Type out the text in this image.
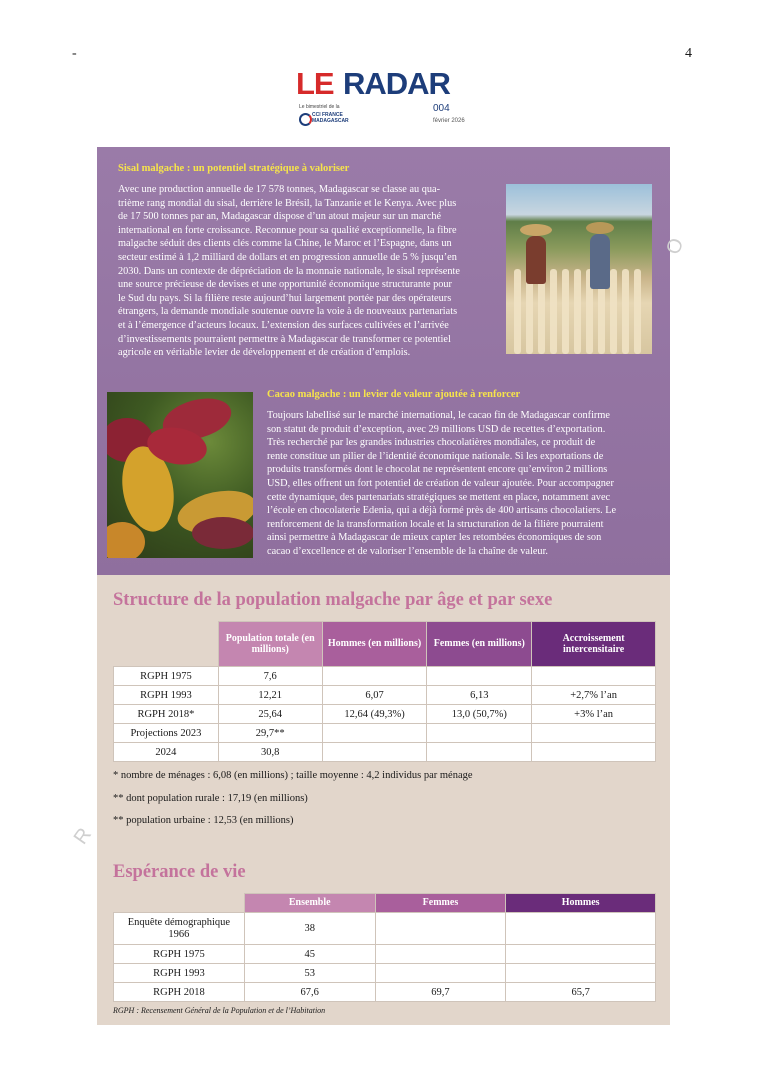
-	4
LE RADAR
Le bimestriel de la
CCI FRANCE MADAGASCAR
004
février 2026
O
R
Sisal malgache : un potentiel stratégique à valoriser
Avec une production annuelle de 17 578 tonnes, Madagascar se classe au qua-
trième rang mondial du sisal, derrière le Brésil, la Tanzanie et le Kenya. Avec plus
de 17 500 tonnes par an, Madagascar dispose d’un atout majeur sur un marché
international en forte croissance. Reconnue pour sa qualité exceptionnelle, la fibre
malgache séduit des clients clés comme la Chine, le Maroc et l’Espagne, dans un
secteur estimé à 1,2 milliard de dollars et en progression annuelle de 5 % jusqu’en
2030. Dans un contexte de dépréciation de la monnaie nationale, le sisal représente
une source précieuse de devises et une opportunité économique structurante pour
le Sud du pays. Si la filière reste aujourd’hui largement portée par des opérateurs
étrangers, la demande mondiale soutenue ouvre la voie à de nouveaux partenariats
et à l’émergence d’acteurs locaux. L’extension des surfaces cultivées et l’arrivée
d’investissements pourraient permettre à Madagascar de transformer ce potentiel
agricole en véritable levier de développement et de création d’emplois.
Cacao malgache : un levier de valeur ajoutée à renforcer
Toujours labellisé sur le marché international, le cacao fin de Madagascar confirme
son statut de produit d’exception, avec 29 millions USD de recettes d’exportation.
Très recherché par les grandes industries chocolatières mondiales, ce produit de
rente constitue un pilier de l’identité économique nationale. Si les exportations de
produits transformés dont le chocolat ne représentent encore qu’environ 2 millions
USD, elles offrent un fort potentiel de création de valeur ajoutée. Pour accompagner
cette dynamique, des partenariats stratégiques se mettent en place, notamment avec
l’école en chocolaterie Edenia, qui a déjà formé près de 400 artisans chocolatiers. Le
renforcement de la transformation locale et la structuration de la filière pourraient
ainsi permettre à Madagascar de mieux capter les retombées économiques de son
cacao d’excellence et de valoriser l’ensemble de la chaîne de valeur.
Structure de la population malgache par âge et par sexe
	Population totale (en millions)	Hommes (en millions)	Femmes (en millions)	Accroissement intercensitaire
RGPH 1975	7,6			
RGPH 1993	12,21	6,07	6,13	+2,7% l’an
RGPH 2018*	25,64	12,64 (49,3%)	13,0 (50,7%)	+3% l’an
Projections 2023	29,7**			
2024	30,8			
* nombre de ménages : 6,08 (en millions) ; taille moyenne : 4,2 individus par ménage
** dont population rurale : 17,19 (en millions)
** population urbaine : 12,53 (en millions)
Espérance de vie
	Ensemble	Femmes	Hommes
Enquête démographique 1966	38		
RGPH 1975	45		
RGPH 1993	53		
RGPH 2018	67,6	69,7	65,7
RGPH : Recensement Général de la Population et de l’Habitation
